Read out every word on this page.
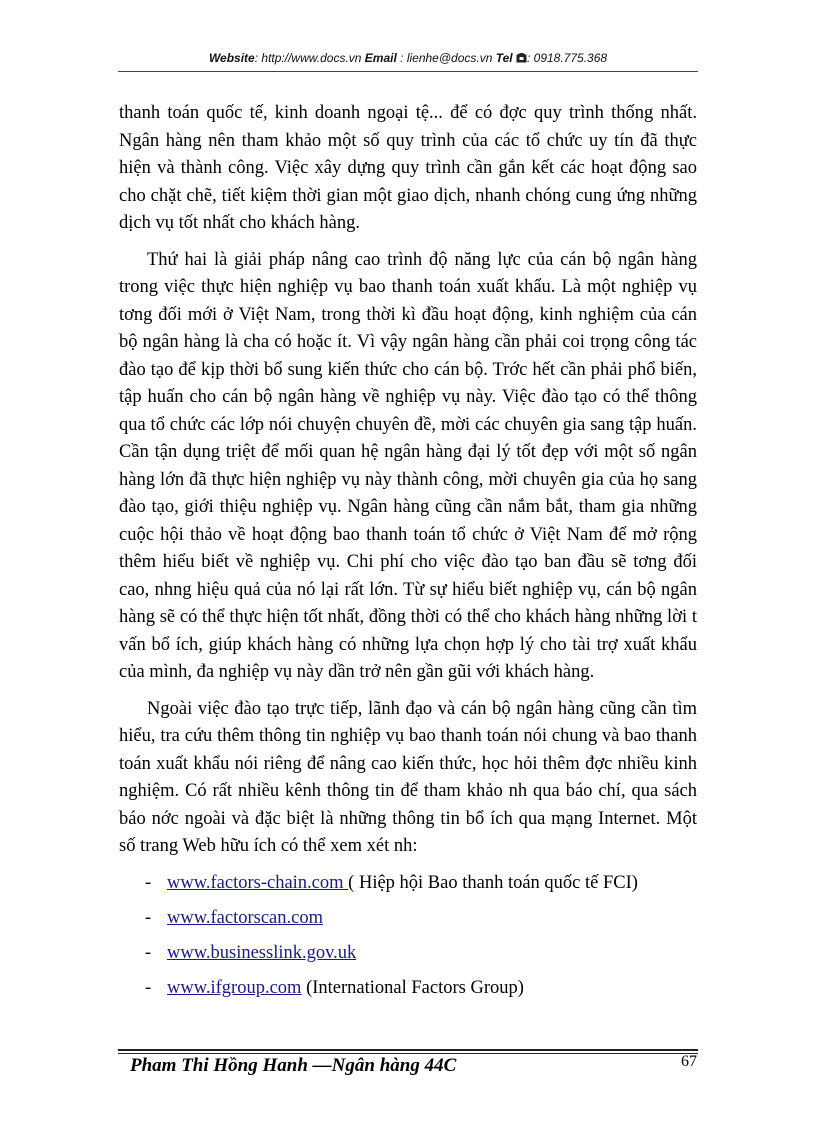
Website: http://www.docs.vn Email : lienhe@docs.vn Tel : 0918.775.368

thanh toán quốc tế, kinh doanh ngoại tệ... để có đợc quy trình thống nhất. Ngân hàng nên tham khảo một số quy trình của các tổ chức uy tín đã thực hiện và thành công. Việc xây dựng quy trình cần gắn kết các hoạt động sao cho chặt chẽ, tiết kiệm thời gian một giao dịch, nhanh chóng cung ứng những dịch vụ tốt nhất cho khách hàng.

Thứ hai là giải pháp nâng cao trình độ năng lực của cán bộ ngân hàng trong việc thực hiện nghiệp vụ bao thanh toán xuất khẩu. Là một nghiệp vụ tơng đối mới ở Việt Nam, trong thời kì đầu hoạt động, kinh nghiệm của cán bộ ngân hàng là cha có hoặc ít. Vì vậy ngân hàng cần phải coi trọng công tác đào tạo để kịp thời bổ sung kiến thức cho cán bộ. Trớc hết cần phải phổ biến, tập huấn cho cán bộ ngân hàng về nghiệp vụ này. Việc đào tạo có thể thông qua tổ chức các lớp nói chuyện chuyên đề, mời các chuyên gia sang tập huấn. Cần tận dụng triệt để mối quan hệ ngân hàng đại lý tốt đẹp với một số ngân hàng lớn đã thực hiện nghiệp vụ này thành công, mời chuyên gia của họ sang đào tạo, giới thiệu nghiệp vụ. Ngân hàng cũng cần nắm bắt, tham gia những cuộc hội thảo về hoạt động bao thanh toán tổ chức ở Việt Nam để mở rộng thêm hiểu biết về nghiệp vụ. Chi phí cho việc đào tạo ban đầu sẽ tơng đối cao, nhng hiệu quả của nó lại rất lớn. Từ sự hiểu biết nghiệp vụ, cán bộ ngân hàng sẽ có thể thực hiện tốt nhất, đồng thời có thể cho khách hàng những lời t vấn bổ ích, giúp khách hàng có những lựa chọn hợp lý cho tài trợ xuất khẩu của mình, đa nghiệp vụ này dần trở nên gần gũi với khách hàng.

Ngoài việc đào tạo trực tiếp, lãnh đạo và cán bộ ngân hàng cũng cần tìm hiểu, tra cứu thêm thông tin nghiệp vụ bao thanh toán nói chung và bao thanh toán xuất khẩu nói riêng để nâng cao kiến thức, học hỏi thêm đợc nhiều kinh nghiệm. Có rất nhiều kênh thông tin để tham khảo nh qua báo chí, qua sách báo nớc ngoài và đặc biệt là những thông tin bổ ích qua mạng Internet. Một số trang Web hữu ích có thể xem xét nh:

- www.factors-chain.com ( Hiệp hội Bao thanh toán quốc tế FCI)
- www.factorscan.com
- www.businesslink.gov.uk
- www.ifgroup.com (International Factors Group)
Pham Thi Hồng Hanh —Ngân hàng 44C	67
